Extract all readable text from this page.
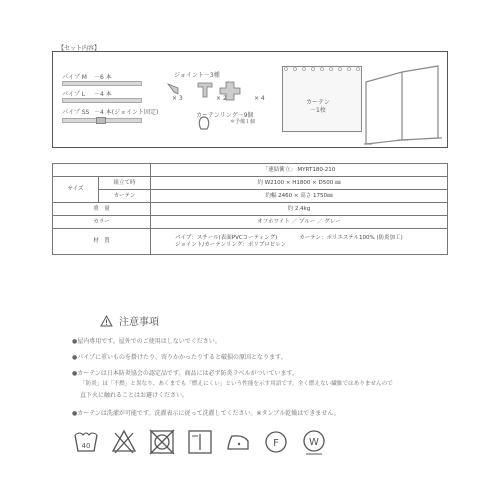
【セット内容】
パイプ M －6 本
パイプ L －4 本
パイプ SS －4 本(ジョイント固定)
ジョイント－3種
× 3	× 2	× 4
カーテンリング－9個
＊予備１個
カーテン
－1枚
		「連結衝立」 MYRT180-210
サイズ	組立て時	約 W2100 × H1800 × D500 ㎜
	カーテン	約幅 2460 × 高さ 1750㎜
重　量		約 2.4kg
カラー		オフホワイト ／ ブルー ／ グレー
材　質		パイプ：スチール(表面PVCコーティング) カーテン：ポリエステル100% (防炎加工)
ジョイント/カーテンリング：ポリプロピレン
注意事項
●屋内専用です。屋外でのご使用はしないでください。
●パイプに重いものを掛けたり、寄りかかったりすると破損の原因となります。
●カーテンは日本防炎協会の認定品です。商品には必ず防炎ラベルがついています。
「防炎」は「不燃」と異なり、あくまでも「燃えにくい」という性能を示す用語です。全く燃えない繊維ではありませんので
直下火に触れることはお避けください。
●カーテンは洗濯が可能です。洗濯表示に従って洗濯してください。※タンブル乾燥はできません。
40	F	W
